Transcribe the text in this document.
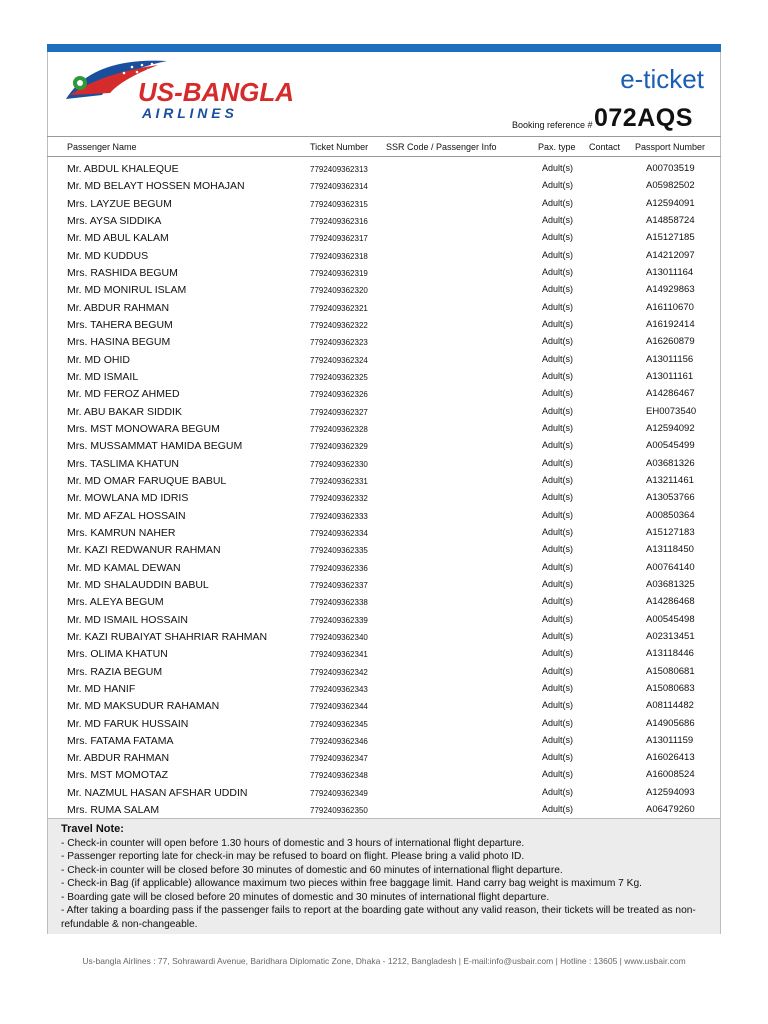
US-BANGLA
A I R L I N E S
e-ticket
Booking reference # 072AQS
Passenger Name	Ticket Number SSR Code / Passenger Info	Pax. type Contact Passport Number
Mr. ABDUL KHALEQUE	7792409362313	Adult(s)	A00703519
Mr. MD BELAYT HOSSEN MOHAJAN	7792409362314	Adult(s)	A05982502
Mrs. LAYZUE BEGUM	7792409362315	Adult(s)	A12594091
Mrs. AYSA SIDDIKA	7792409362316	Adult(s)	A14858724
Mr. MD ABUL KALAM	7792409362317	Adult(s)	A15127185
Mr. MD KUDDUS	7792409362318	Adult(s)	A14212097
Mrs. RASHIDA BEGUM	7792409362319	Adult(s)	A13011164
Mr. MD MONIRUL ISLAM	7792409362320	Adult(s)	A14929863
Mr. ABDUR RAHMAN	7792409362321	Adult(s)	A16110670
Mrs. TAHERA BEGUM	7792409362322	Adult(s)	A16192414
Mrs. HASINA BEGUM	7792409362323	Adult(s)	A16260879
Mr. MD OHID	7792409362324	Adult(s)	A13011156
Mr. MD ISMAIL	7792409362325	Adult(s)	A13011161
Mr. MD FEROZ AHMED	7792409362326	Adult(s)	A14286467
Mr. ABU BAKAR SIDDIK	7792409362327	Adult(s)	EH0073540
Mrs. MST MONOWARA BEGUM	7792409362328	Adult(s)	A12594092
Mrs. MUSSAMMAT HAMIDA BEGUM	7792409362329	Adult(s)	A00545499
Mrs. TASLIMA KHATUN	7792409362330	Adult(s)	A03681326
Mr. MD OMAR FARUQUE BABUL	7792409362331	Adult(s)	A13211461
Mr. MOWLANA MD IDRIS	7792409362332	Adult(s)	A13053766
Mr. MD AFZAL HOSSAIN	7792409362333	Adult(s)	A00850364
Mrs. KAMRUN NAHER	7792409362334	Adult(s)	A15127183
Mr. KAZI REDWANUR RAHMAN	7792409362335	Adult(s)	A13118450
Mr. MD KAMAL DEWAN	7792409362336	Adult(s)	A00764140
Mr. MD SHALAUDDIN BABUL	7792409362337	Adult(s)	A03681325
Mrs. ALEYA BEGUM	7792409362338	Adult(s)	A14286468
Mr. MD ISMAIL HOSSAIN	7792409362339	Adult(s)	A00545498
Mr. KAZI RUBAIYAT SHAHRIAR RAHMAN	7792409362340	Adult(s)	A02313451
Mrs. OLIMA KHATUN	7792409362341	Adult(s)	A13118446
Mrs. RAZIA BEGUM	7792409362342	Adult(s)	A15080681
Mr. MD HANIF	7792409362343	Adult(s)	A15080683
Mr. MD MAKSUDUR RAHAMAN	7792409362344	Adult(s)	A08114482
Mr. MD FARUK HUSSAIN	7792409362345	Adult(s)	A14905686
Mrs. FATAMA FATAMA	7792409362346	Adult(s)	A13011159
Mr. ABDUR RAHMAN	7792409362347	Adult(s)	A16026413
Mrs. MST MOMOTAZ	7792409362348	Adult(s)	A16008524
Mr. NAZMUL HASAN AFSHAR UDDIN	7792409362349	Adult(s)	A12594093
Mrs. RUMA SALAM	7792409362350	Adult(s)	A06479260
Travel Note:
- Check-in counter will open before 1.30 hours of domestic and 3 hours of international flight departure.
- Passenger reporting late for check-in may be refused to board on flight. Please bring a valid photo ID.
- Check-in counter will be closed before 30 minutes of domestic and 60 minutes of international flight departure.
- Check-in Bag (if applicable) allowance maximum two pieces within free baggage limit. Hand carry bag weight is maximum 7 Kg.
- Boarding gate will be closed before 20 minutes of domestic and 30 minutes of international flight departure.
- After taking a boarding pass if the passenger fails to report at the boarding gate without any valid reason, their tickets will be treated as non-refundable & non-changeable.
Us-bangla Airlines : 77, Sohrawardi Avenue, Baridhara Diplomatic Zone, Dhaka - 1212, Bangladesh | E-mail:info@usbair.com | Hotline : 13605 | www.usbair.com
